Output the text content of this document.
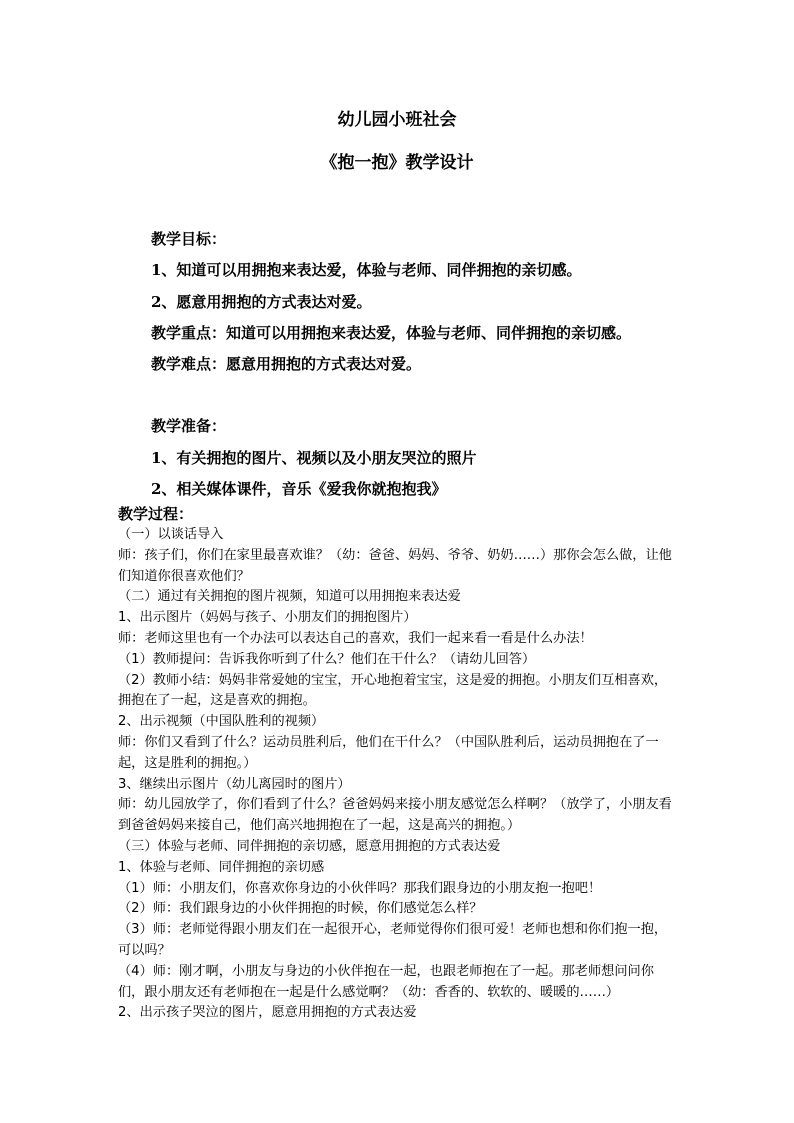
幼儿园小班社会
《抱一抱》教学设计
教学目标：
1、知道可以用拥抱来表达爱，体验与老师、同伴拥抱的亲切感。
2、愿意用拥抱的方式表达对爱。
教学重点：知道可以用拥抱来表达爱，体验与老师、同伴拥抱的亲切感。
教学难点：愿意用拥抱的方式表达对爱。
教学准备：
1、有关拥抱的图片、视频以及小朋友哭泣的照片
2、相关媒体课件，音乐《爱我你就抱抱我》
教学过程：

（一）以谈话导入

师：孩子们，你们在家里最喜欢谁？（幼：爸爸、妈妈、爷爷、奶奶……）那你会怎么做，让他们知道你很喜欢他们？

（二）通过有关拥抱的图片视频，知道可以用拥抱来表达爱

1、出示图片（妈妈与孩子、小朋友们的拥抱图片）

师：老师这里也有一个办法可以表达自己的喜欢，我们一起来看一看是什么办法！

（1）教师提问：告诉我你听到了什么？他们在干什么？（请幼儿回答）

（2）教师小结：妈妈非常爱她的宝宝，开心地抱着宝宝，这是爱的拥抱。小朋友们互相喜欢，拥抱在了一起，这是喜欢的拥抱。

2、出示视频（中国队胜利的视频）

师：你们又看到了什么？运动员胜利后，他们在干什么？（中国队胜利后，运动员拥抱在了一起，这是胜利的拥抱。）

3、继续出示图片（幼儿离园时的图片）

师：幼儿园放学了，你们看到了什么？爸爸妈妈来接小朋友感觉怎么样啊？（放学了，小朋友看到爸爸妈妈来接自己，他们高兴地拥抱在了一起，这是高兴的拥抱。）

（三）体验与老师、同伴拥抱的亲切感，愿意用拥抱的方式表达爱

1、体验与老师、同伴拥抱的亲切感

（1）师：小朋友们，你喜欢你身边的小伙伴吗？那我们跟身边的小朋友抱一抱吧！

（2）师：我们跟身边的小伙伴拥抱的时候，你们感觉怎么样？

（3）师：老师觉得跟小朋友们在一起很开心，老师觉得你们很可爱！老师也想和你们抱一抱，可以吗？

（4）师：刚才啊，小朋友与身边的小伙伴抱在一起，也跟老师抱在了一起。那老师想问问你们，跟小朋友还有老师抱在一起是什么感觉啊？（幼：香香的、软软的、暖暖的……）

2、出示孩子哭泣的图片，愿意用拥抱的方式表达爱
